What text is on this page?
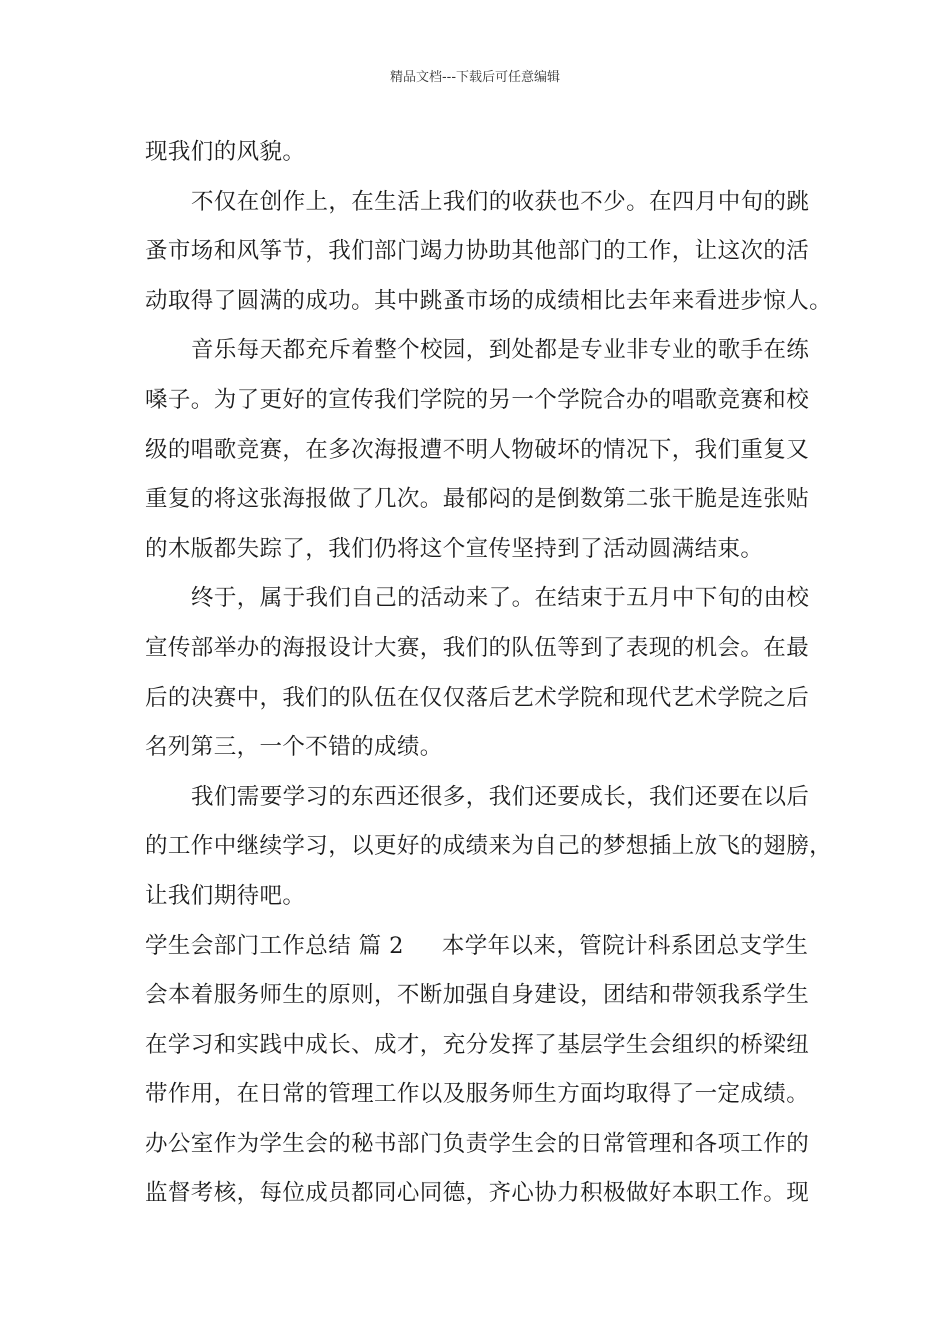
精品文档---下载后可任意编辑
现我们的风貌。
不仅在创作上，在生活上我们的收获也不少。在四月中旬的跳
蚤市场和风筝节，我们部门竭力协助其他部门的工作，让这次的活
动取得了圆满的成功。其中跳蚤市场的成绩相比去年来看进步惊人。
音乐每天都充斥着整个校园，到处都是专业非专业的歌手在练
嗓子。为了更好的宣传我们学院的另一个学院合办的唱歌竞赛和校
级的唱歌竞赛，在多次海报遭不明人物破坏的情况下，我们重复又
重复的将这张海报做了几次。最郁闷的是倒数第二张干脆是连张贴
的木版都失踪了，我们仍将这个宣传坚持到了活动圆满结束。
终于，属于我们自己的活动来了。在结束于五月中下旬的由校
宣传部举办的海报设计大赛，我们的队伍等到了表现的机会。在最
后的决赛中，我们的队伍在仅仅落后艺术学院和现代艺术学院之后
名列第三，一个不错的成绩。
我们需要学习的东西还很多，我们还要成长，我们还要在以后
的工作中继续学习，以更好的成绩来为自己的梦想插上放飞的翅膀，
让我们期待吧。
学生会部门工作总结 篇 2 本学年以来，管院计科系团总支学生
会本着服务师生的原则，不断加强自身建设，团结和带领我系学生
在学习和实践中成长、成才，充分发挥了基层学生会组织的桥梁纽
带作用，在日常的管理工作以及服务师生方面均取得了一定成绩。
办公室作为学生会的秘书部门负责学生会的日常管理和各项工作的
监督考核，每位成员都同心同德，齐心协力积极做好本职工作。现
